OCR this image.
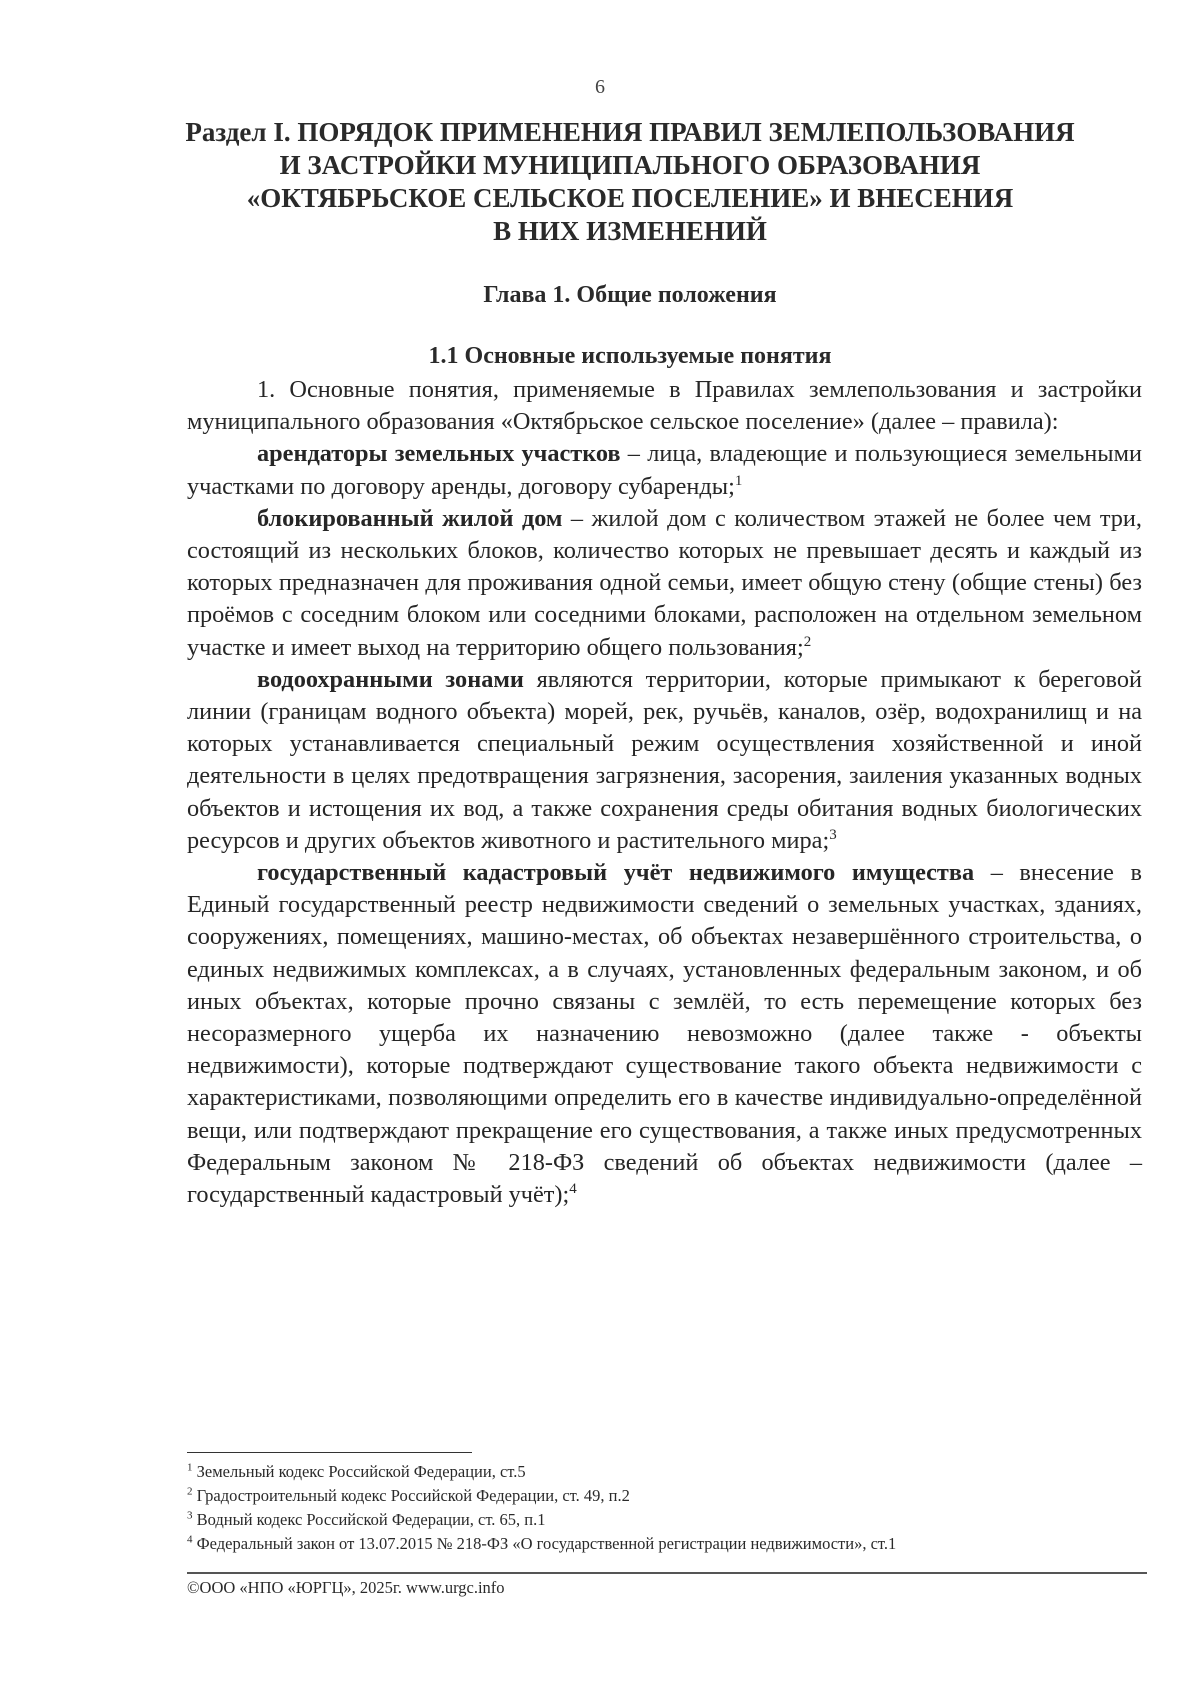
6
Раздел I. ПОРЯДОК ПРИМЕНЕНИЯ ПРАВИЛ ЗЕМЛЕПОЛЬЗОВАНИЯ
И ЗАСТРОЙКИ МУНИЦИПАЛЬНОГО ОБРАЗОВАНИЯ
«ОКТЯБРЬСКОЕ СЕЛЬСКОЕ ПОСЕЛЕНИЕ» И ВНЕСЕНИЯ
В НИХ ИЗМЕНЕНИЙ
Глава 1. Общие положения
1.1 Основные используемые понятия

1. Основные понятия, применяемые в Правилах землепользования и застройки муниципального образования «Октябрьское сельское поселение» (далее – правила):

арендаторы земельных участков – лица, владеющие и пользующиеся земельными участками по договору аренды, договору субаренды;$^1$

блокированный жилой дом – жилой дом с количеством этажей не более чем три, состоящий из нескольких блоков, количество которых не превышает десять и каждый из которых предназначен для проживания одной семьи, имеет общую стену (общие стены) без проёмов с соседним блоком или соседними блоками, расположен на отдельном земельном участке и имеет выход на территорию общего пользования;$^2$

водоохранными зонами являются территории, которые примыкают к береговой линии (границам водного объекта) морей, рек, ручьёв, каналов, озёр, водохранилищ и на которых устанавливается специальный режим осуществления хозяйственной и иной деятельности в целях предотвращения загрязнения, засорения, заиления указанных водных объектов и истощения их вод, а также сохранения среды обитания водных биологических ресурсов и других объектов животного и растительного мира;$^3$

государственный кадастровый учёт недвижимого имущества – внесение в Единый государственный реестр недвижимости сведений о земельных участках, зданиях, сооружениях, помещениях, машино-местах, об объектах незавершённого строительства, о единых недвижимых комплексах, а в случаях, установленных федеральным законом, и об иных объектах, которые прочно связаны с землёй, то есть перемещение которых без несоразмерного ущерба их назначению невозможно (далее также - объекты недвижимости), которые подтверждают существование такого объекта недвижимости с характеристиками, позволяющими определить его в качестве индивидуально-определённой вещи, или подтверждают прекращение его существования, а также иных предусмотренных Федеральным законом № 218-ФЗ сведений об объектах недвижимости (далее – государственный кадастровый учёт);$^4$

$^1$ Земельный кодекс Российской Федерации, ст.5
$^2$ Градостроительный кодекс Российской Федерации, ст. 49, п.2
$^3$ Водный кодекс Российской Федерации, ст. 65, п.1
$^4$ Федеральный закон от 13.07.2015 № 218-ФЗ «О государственной регистрации недвижимости», ст.1
©ООО «НПО «ЮРГЦ», 2025г. www.urgc.info
